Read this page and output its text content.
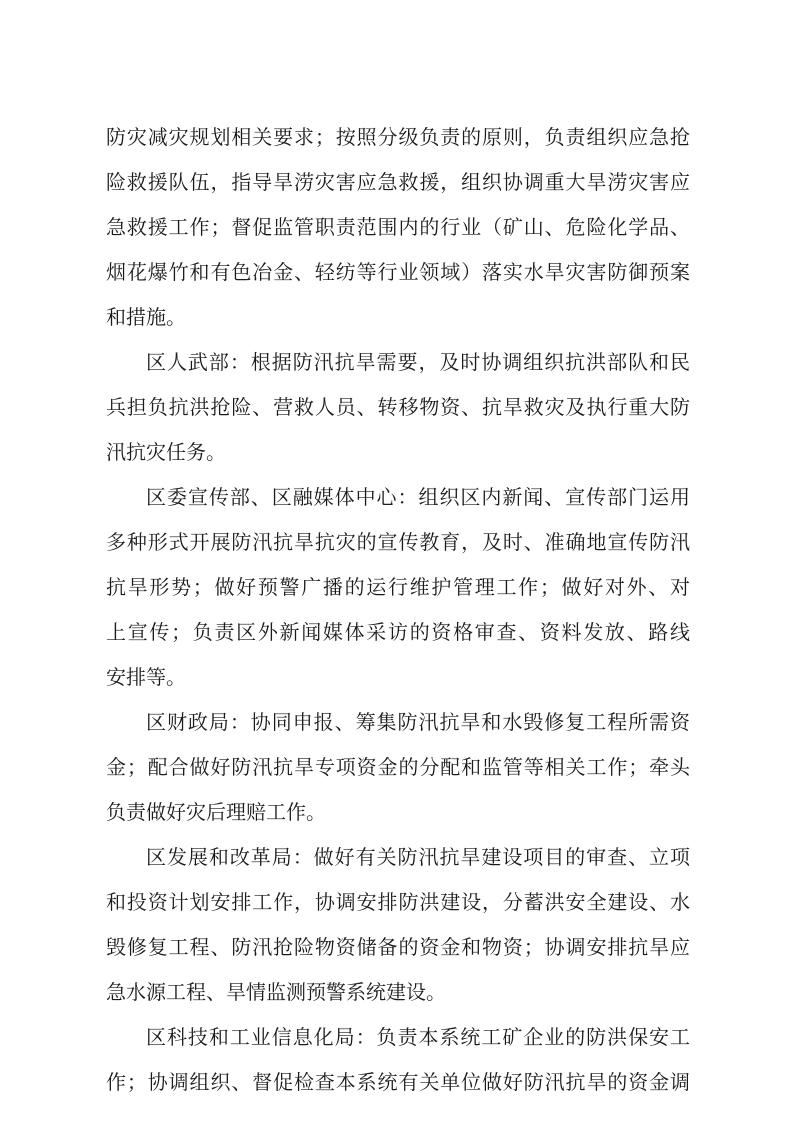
防灾减灾规划相关要求；按照分级负责的原则，负责组织应急抢
险救援队伍，指导旱涝灾害应急救援，组织协调重大旱涝灾害应
急救援工作；督促监管职责范围内的行业（矿山、危险化学品、
烟花爆竹和有色冶金、轻纺等行业领域）落实水旱灾害防御预案
和措施。
区人武部：根据防汛抗旱需要，及时协调组织抗洪部队和民
兵担负抗洪抢险、营救人员、转移物资、抗旱救灾及执行重大防
汛抗灾任务。
区委宣传部、区融媒体中心：组织区内新闻、宣传部门运用
多种形式开展防汛抗旱抗灾的宣传教育，及时、准确地宣传防汛
抗旱形势；做好预警广播的运行维护管理工作；做好对外、对
上宣传；负责区外新闻媒体采访的资格审查、资料发放、路线
安排等。
区财政局：协同申报、筹集防汛抗旱和水毁修复工程所需资
金；配合做好防汛抗旱专项资金的分配和监管等相关工作；牵头
负责做好灾后理赔工作。
区发展和改革局：做好有关防汛抗旱建设项目的审查、立项
和投资计划安排工作，协调安排防洪建设，分蓄洪安全建设、水
毁修复工程、防汛抢险物资储备的资金和物资；协调安排抗旱应
急水源工程、旱情监测预警系统建设。
区科技和工业信息化局：负责本系统工矿企业的防洪保安工
作；协调组织、督促检查本系统有关单位做好防汛抗旱的资金调
